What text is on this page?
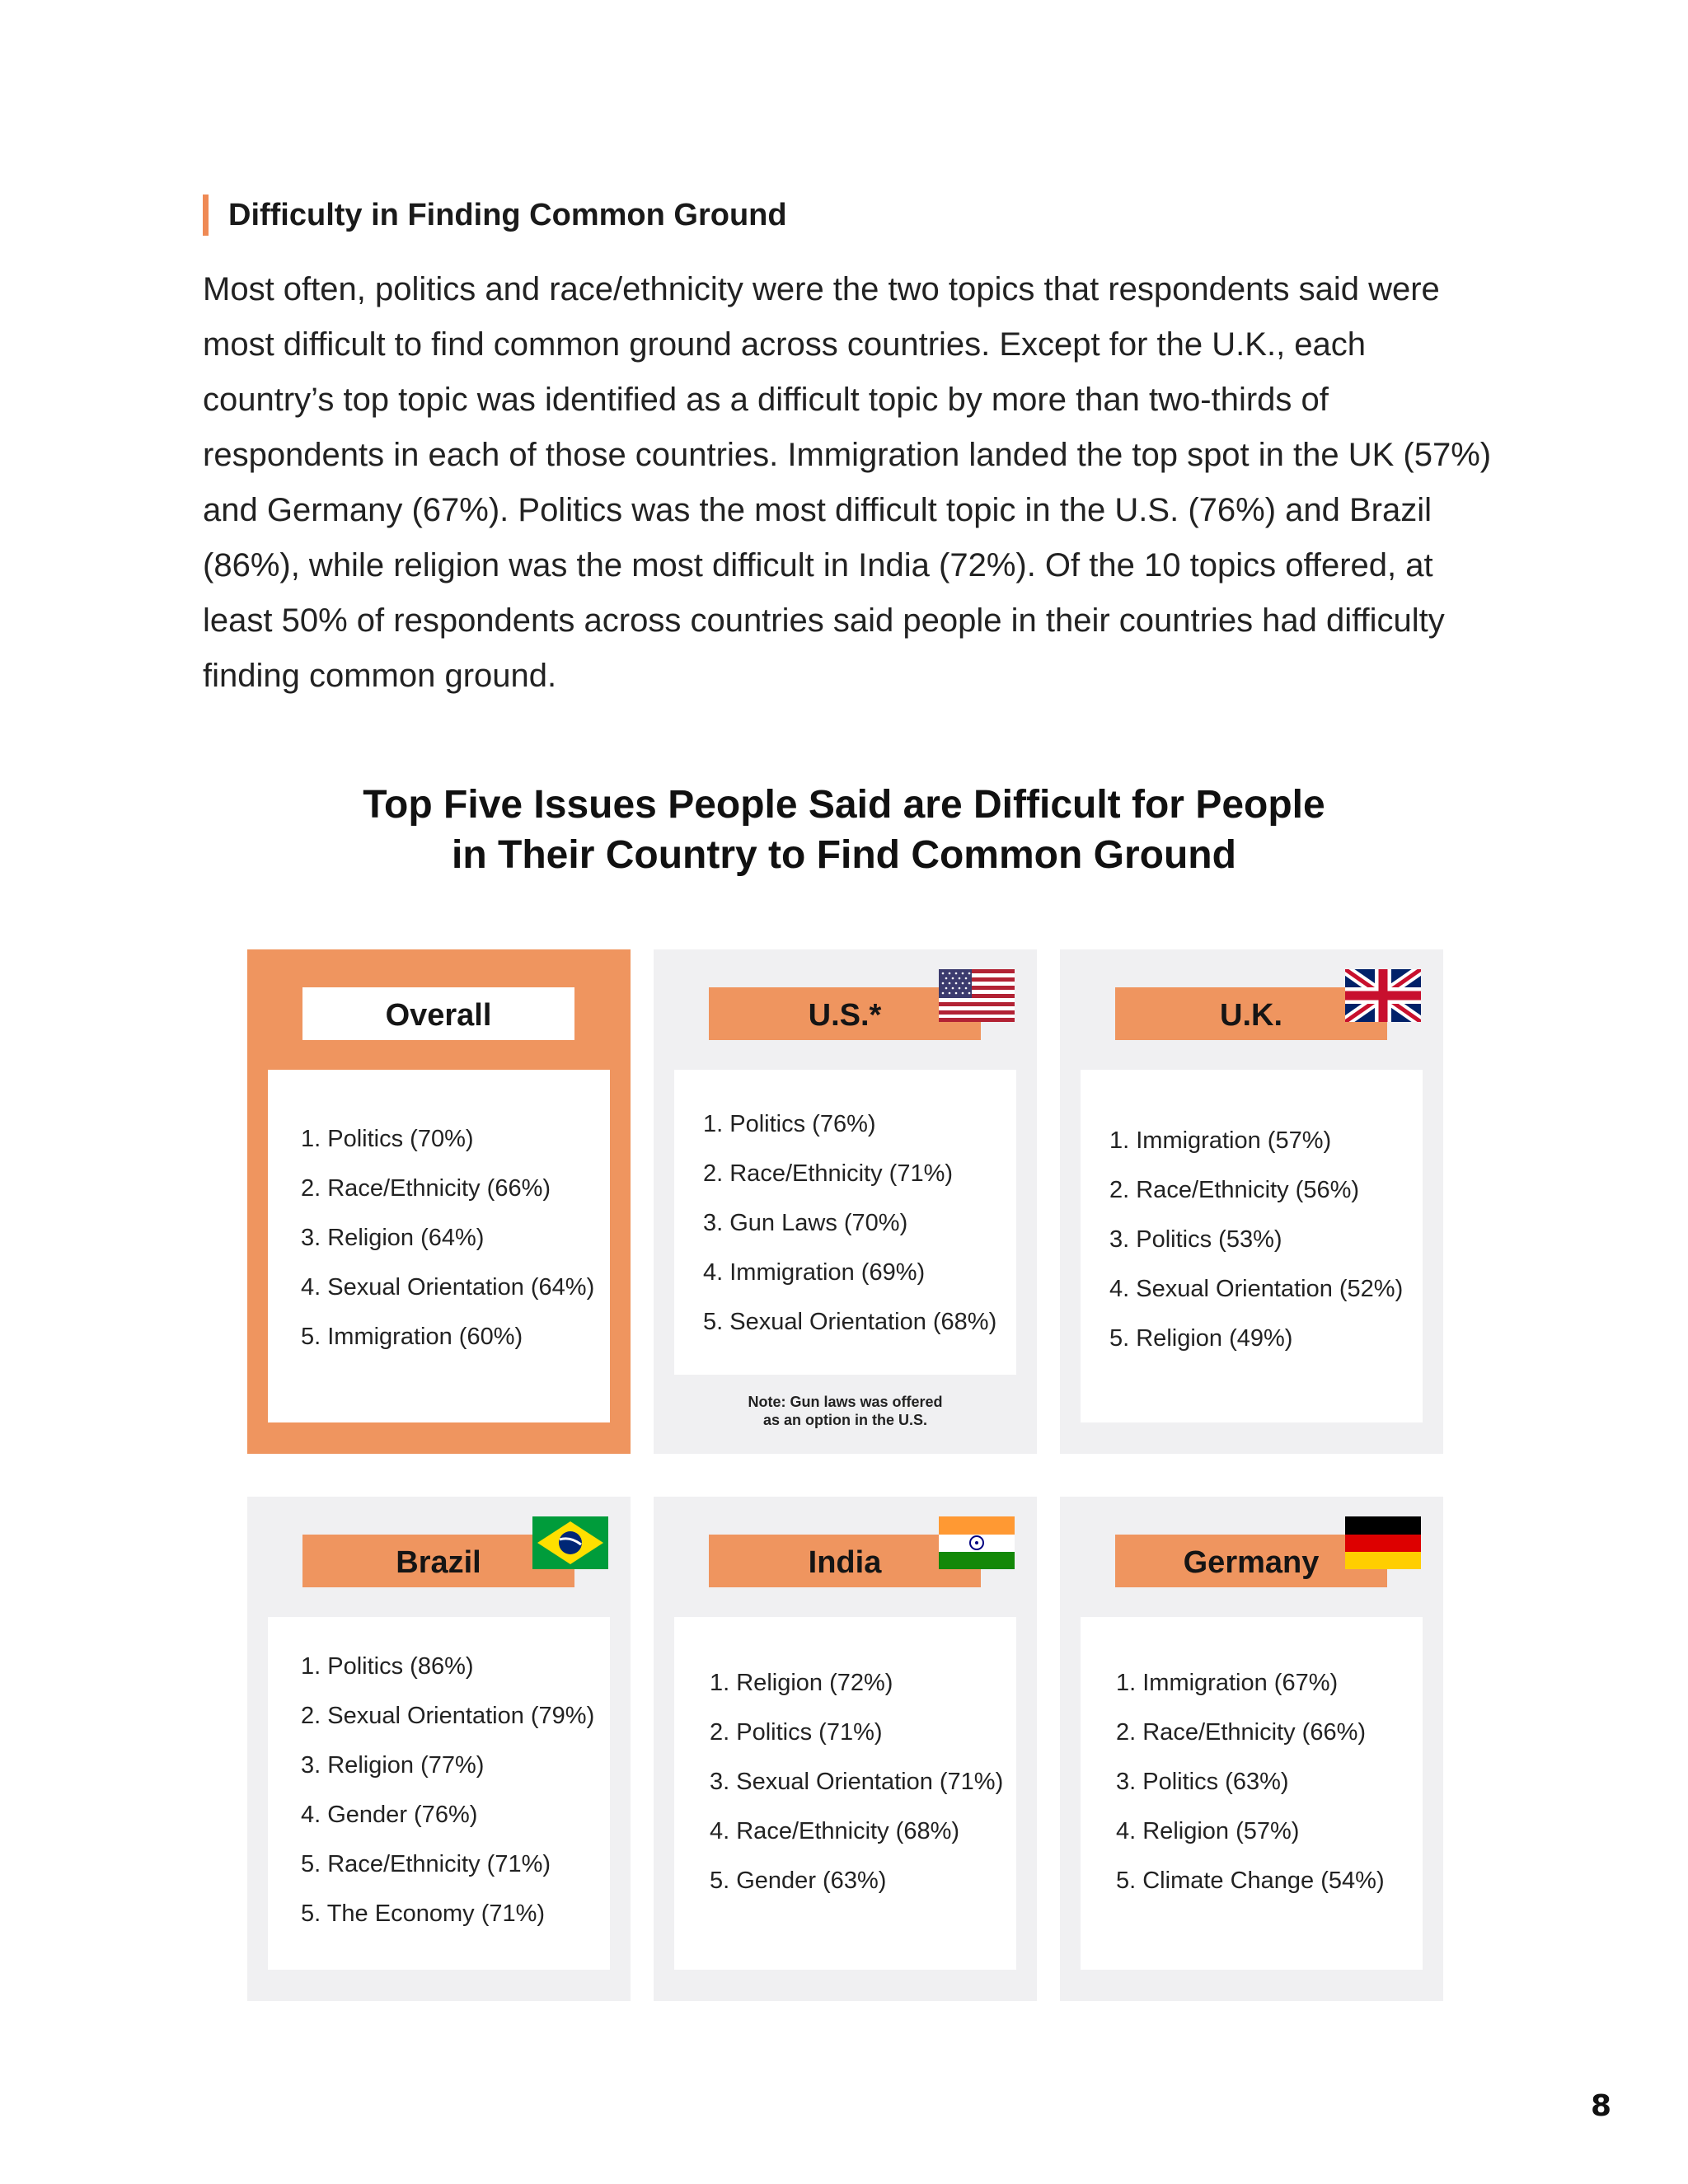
Difficulty in Finding Common Ground

Most often, politics and race/ethnicity were the two topics that respondents said were most difficult to find common ground across countries. Except for the U.K., each country’s top topic was identified as a difficult topic by more than two-thirds of respondents in each of those countries. Immigration landed the top spot in the UK (57%) and Germany (67%). Politics was the most difficult topic in the U.S. (76%) and Brazil (86%), while religion was the most difficult in India (72%). Of the 10 topics offered, at least 50% of respondents across countries said people in their countries had difficulty finding common ground.

Top Five Issues People Said are Difficult for People
in Their Country to Find Common Ground
Overall
1. Politics (70%)
2. Race/Ethnicity (66%)
3. Religion (64%)
4. Sexual Orientation (64%)
5. Immigration (60%)
U.S.*
1. Politics (76%)
2. Race/Ethnicity (71%)
3. Gun Laws (70%)
4. Immigration (69%)
5. Sexual Orientation (68%)
Note: Gun laws was offered
as an option in the U.S.
U.K.
1. Immigration (57%)
2. Race/Ethnicity (56%)
3. Politics (53%)
4. Sexual Orientation (52%)
5. Religion (49%)
Brazil
1. Politics (86%)
2. Sexual Orientation (79%)
3. Religion (77%)
4. Gender (76%)
5. Race/Ethnicity (71%)
5. The Economy (71%)
India
1. Religion (72%)
2. Politics (71%)
3. Sexual Orientation (71%)
4. Race/Ethnicity (68%)
5. Gender (63%)
Germany
1. Immigration (67%)
2. Race/Ethnicity (66%)
3. Politics (63%)
4. Religion (57%)
5. Climate Change (54%)
8
